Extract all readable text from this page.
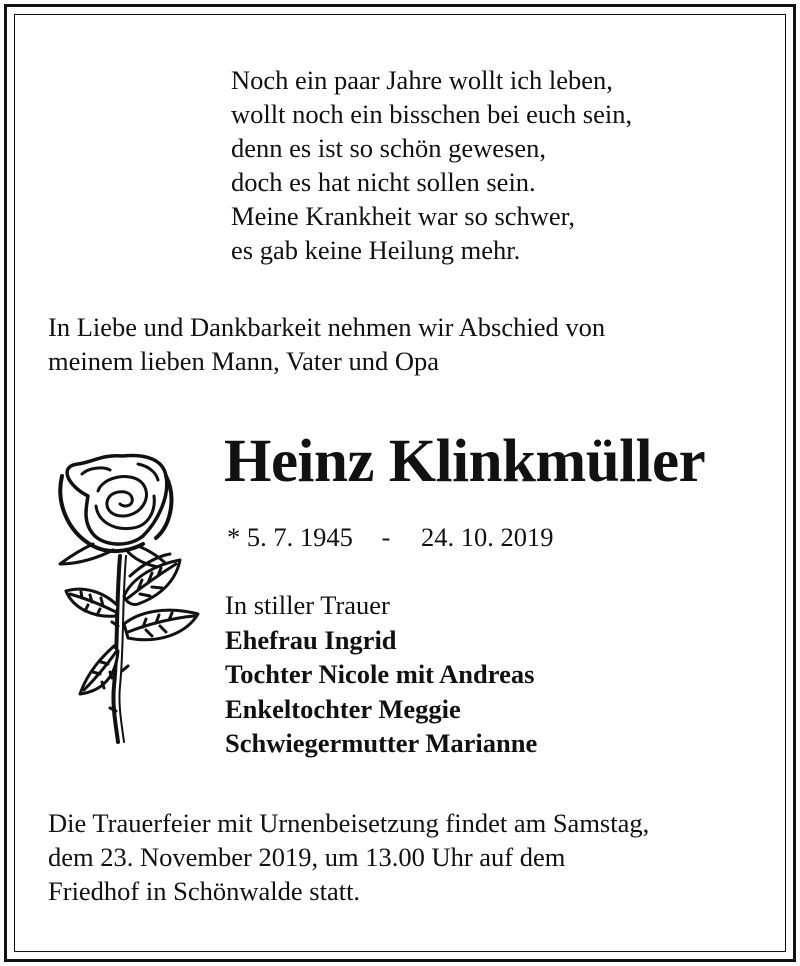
Noch ein paar Jahre wollt ich leben,
wollt noch ein bisschen bei euch sein,
denn es ist so schön gewesen,
doch es hat nicht sollen sein.
Meine Krankheit war so schwer,
es gab keine Heilung mehr.
In Liebe und Dankbarkeit nehmen wir Abschied von
meinem lieben Mann, Vater und Opa
Heinz Klinkmüller
* 5. 7. 1945 - 24. 10. 2019
In stiller Trauer
Ehefrau Ingrid
Tochter Nicole mit Andreas
Enkeltochter Meggie
Schwiegermutter Marianne
Die Trauerfeier mit Urnenbeisetzung findet am Samstag,
dem 23. November 2019, um 13.00 Uhr auf dem
Friedhof in Schönwalde statt.
